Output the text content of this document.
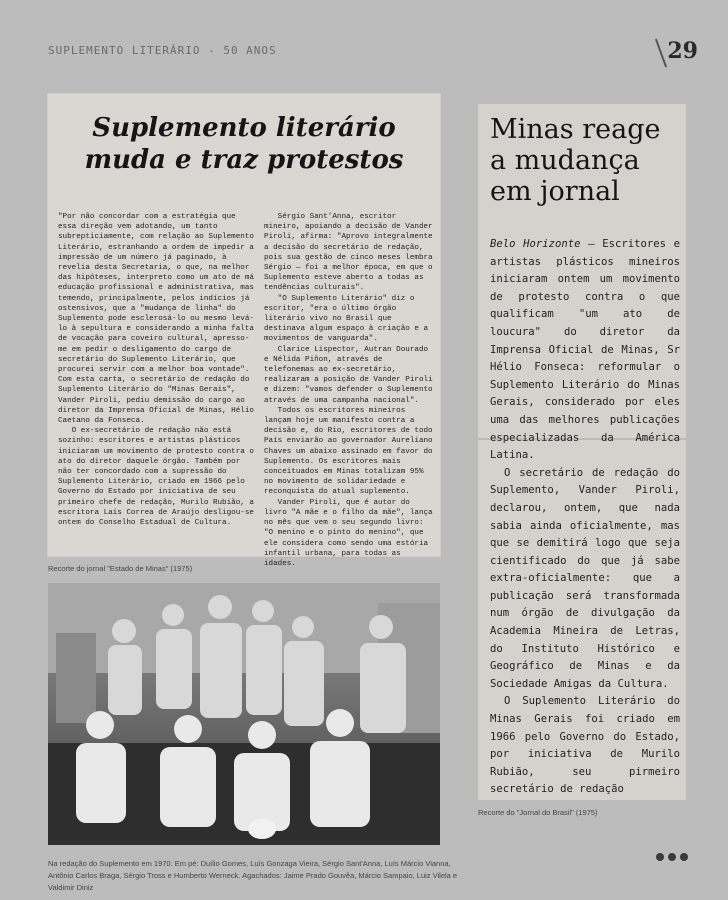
SUPLEMENTO LITERÁRIO - 50 ANOS	29
Suplemento literário
muda e traz protestos
"Por não concordar com a estratégia que essa direção vem adotando, um tanto subrepticiamente, com relação ao Suplemento Literário, estranhando a ordem de impedir a impressão de um número já paginado, à revelia desta Secretaria, o que, na melhor das hipóteses, interpreto como um ato de má educação profissional e administrativa, mas temendo, principalmente, pelos indícios já ostensivos, que a "mudança de linha" do Suplemento pode esclerosá-lo ou mesmo levá-lo à sepultura e considerando a minha falta de vocação para coveiro cultural, apresso-me em pedir o desligamento do cargo de secretário do Suplemento Literário, que procurei servir com a melhor boa vontade". Com esta carta, o secretário de redação do Suplemento Literário do "Minas Gerais", Vander Piroli, pediu demissão do cargo ao diretor da Imprensa Oficial de Minas, Hélio Caetano da Fonseca.
O ex-secretário de redação não está sozinho: escritores e artistas plásticos iniciaram um movimento de protesto contra o ato do diretor daquele órgão. Também por não ter concordado com a supressão do Suplemento Literário, criado em 1966 pelo Governo do Estado por iniciativa de seu primeiro chefe de redação, Murilo Rubião, a escritora Laís Correa de Araújo desligou-se ontem do Conselho Estadual de Cultura.
Sérgio Sant'Anna, escritor mineiro, apoiando a decisão de Vander Piroli, afirma: "Aprovo integralmente a decisão do secretário de redação, pois sua gestão de cinco meses lembra Sérgio — foi a melhor época, em que o Suplemento esteve aberto a todas as tendências culturais".
"O Suplemento Literário" diz o escritor, "era o último órgão literário vivo no Brasil que destinava algum espaço à criação e a movimentos de vanguarda".
Clarice Lispector, Autran Dourado e Nélida Piñon, através de telefonemas ao ex-secretário, realizaram a posição de Vander Piroli e dizem: "vamos defender o Suplemento através de uma campanha nacional".
Todos os escritores mineiros lançam hoje um manifesto contra a decisão e, do Rio, escritores de todo País enviarão ao governador Aureliano Chaves um abaixo assinado em favor do Suplemento. Os escritores mais conceituados em Minas totalizam 95% no movimento de solidariedade e reconquista do atual suplemento.
Vander Piroli, que é autor do livro "A mãe e o filho da mãe", lança no mês que vem o seu segundo livro: "O menino e o pinto do menino", que ele considera como sendo uma estória infantil urbana, para todas as idades.
Recorte do jornal "Estado de Minas" (1975)
Na redação do Suplemento em 1970. Em pé: Duílio Gomes, Luís Gonzaga Vieira, Sérgio Sant'Anna, Luís Márcio Vianna, Antônio Carlos Braga, Sérgio Tross e Humberto Werneck. Agachados: Jaime Prado Gouvêa, Márcio Sampaio, Luiz Vilela e Valdimir Diniz
Minas reage
a mudança
em jornal

Belo Horizonte — Escritores e artistas plásticos mineiros iniciaram ontem um movimento de protesto contra o que qualificam "um ato de loucura" do diretor da Imprensa Oficial de Minas, Sr Hélio Fonseca: reformular o Suplemento Literário do Minas Gerais, considerado por eles uma das melhores publicações especializadas da América Latina.

O secretário de redação do Suplemento, Vander Piroli, declarou, ontem, que nada sabia ainda oficialmente, mas que se demitirá logo que seja cientificado do que já sabe extra-oficialmente: que a publicação será transformada num órgão de divulgação da Academia Mineira de Letras, do Instituto Histórico e Geográfico de Minas e da Sociedade Amigas da Cultura.

O Suplemento Literário do Minas Gerais foi criado em 1966 pelo Governo do Estado, por iniciativa de Murilo Rubião, seu pirmeiro secretário de redação

Recorte do "Jornal do Brasil" (1975)
